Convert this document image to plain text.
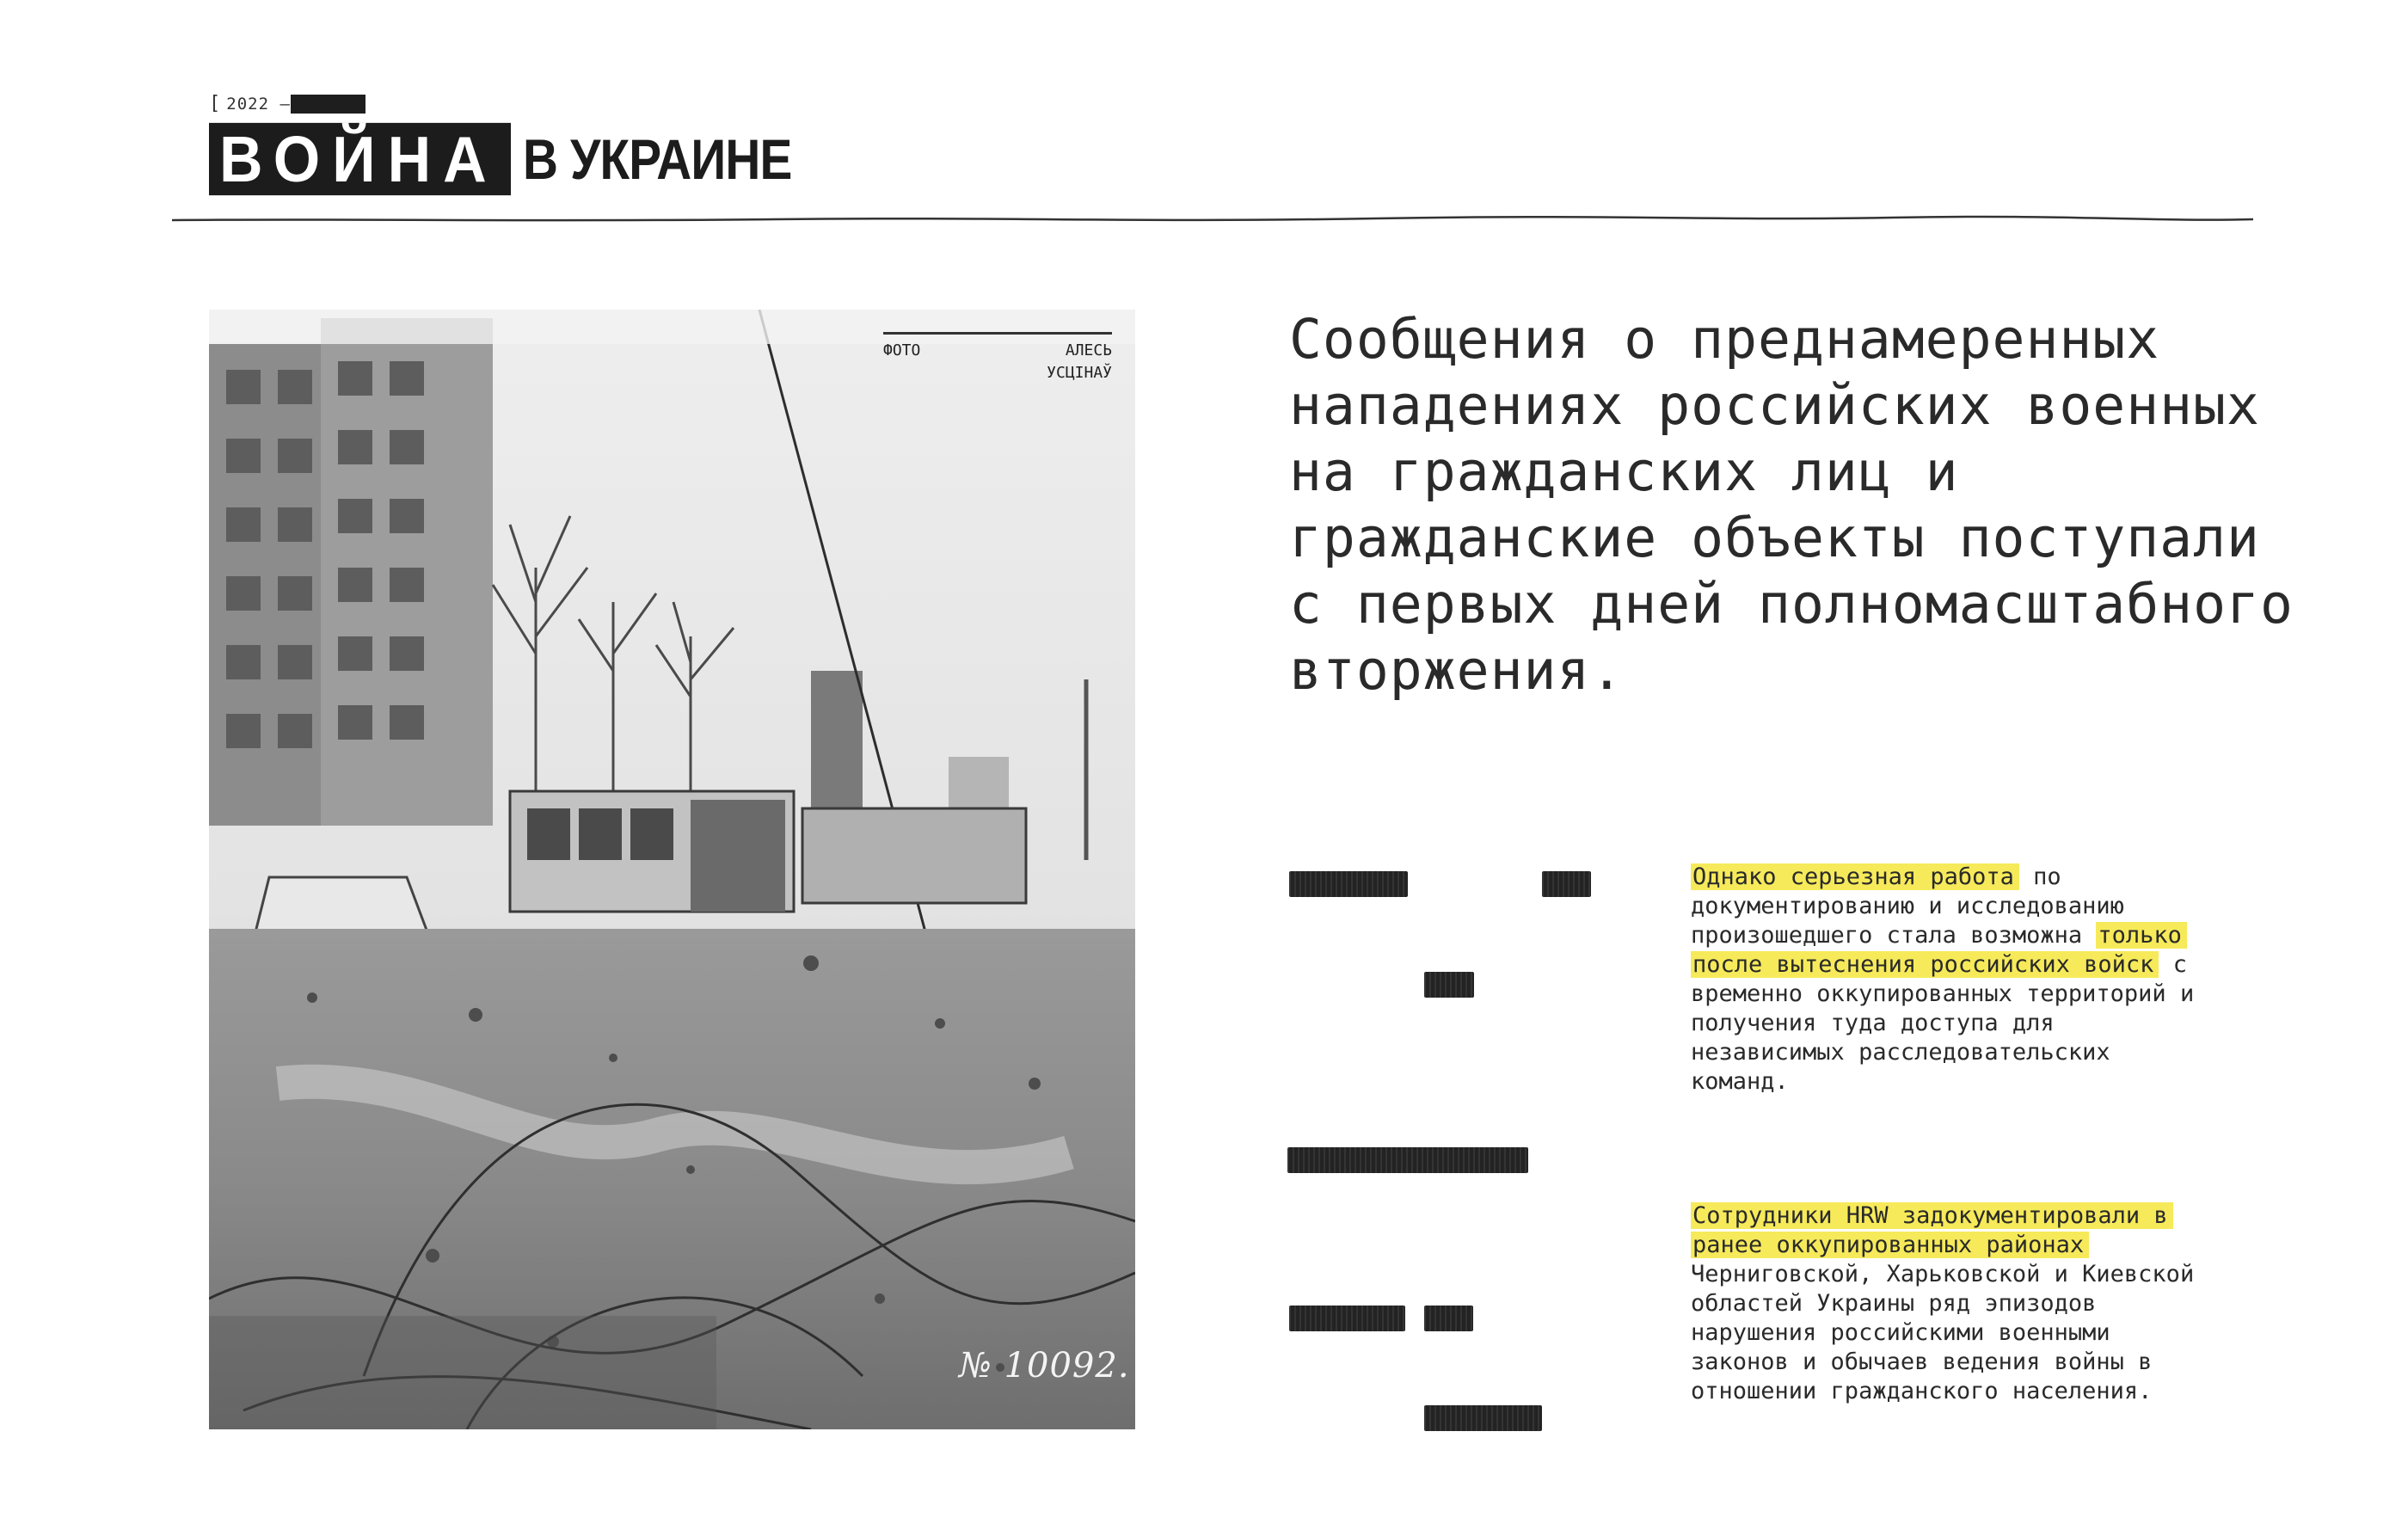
[ 2022 –
ВОЙНА В УКРАИНЕ
ФОТО	АЛЕСЬ
УСЦІНАЎ
№ 10092.
Сообщения о преднамеренных нападениях российских военных на гражданских лиц и гражданские объекты поступали с первых дней полномасштабного вторжения.

Однако серьезная работа по документированию и исследованию произошедшего стала возможна только после вытеснения российских войск с временно оккупированных территорий и получения туда доступа для независимых расследовательских команд.

Сотрудники HRW задокументировали в ранее оккупированных районах Черниговской, Харьковской и Киевской областей Украины ряд эпизодов нарушения российскими военными законов и обычаев ведения войны в отношении гражданского населения.
